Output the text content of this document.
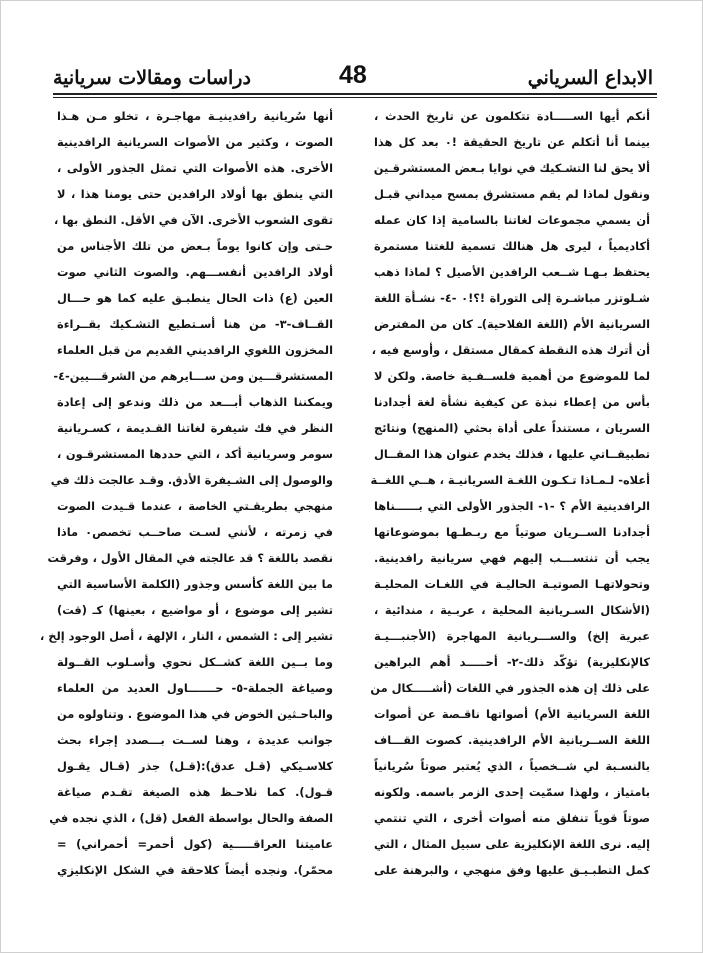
الابداع السرياني
48
دراسات ومقالات سريانية
أنكم أيها الســـــادة تتكلمون عن تاريخ الحدث ،
بينما أنا أتكلم عن تاريخ الحقيقة !٠ بعد كل هذا
ألا يحق لنا التشـكيك في نوايا بـعض المستشرقـين
ونقول لماذا لم يقم مستشرق بمسح ميداني قبـل
أن يسمي مجموعات لغاتنا بالسامية إذا كان عمله
أكاديمياً ، ليرى هل هنالك تسمية للغتنا مستمرة
يحتفظ بـهـا شــعب الرافدين الأصيل ؟ لماذا ذهب
شـلوتزر مباشـرة إلى التوراة !؟!٠ -٤- نشـأة اللغة
السريانية الأم (اللغة الفلاحية)ـ كان من المفترض
أن أترك هذه النقطة كمقال مستقل ، وأوسع فيه ،
لما للموضوع من أهمية فلســفـية خاصة. ولكن لا
بأس من إعطاء نبذة عن كيفية نشأة لغة أجدادنا
السريان ، مستنداً على أداة بحثي (المنهج) ونتائج
تطبيقــاتي عليها ، فذلك يخدم عنوان هذا المقــال
أعلاه- لـمـاذا تـكـون اللغـة السريانيـة ، هــي اللغــة
الرافدينية الأم ؟ -١- الجذور الأولى التي بــــــناها
أجدادنا الســريان صوتياً مع ربـطـها بموضوعاتها
يجب أن تنتســـب إليهم فهي سريانية رافدينية.
وتحولاتهـا الصوتيـة الحاليـة في اللغـات المحليـة
(الأشكال السـريانية المحلية ، عربـية ، مندائية ،
عبرية إلخ) والســـريانية المهاجرة (الأجنبـــيـة
كالإنكليزية) تؤكّد ذلك-٢- أحـــــد أهم البراهين
على ذلك إن هذه الجذور في اللغات (أشـــــكال من
اللغة السريانية الأم) أصواتها ناقـصة عن أصوات
اللغة الســريانية الأم الرافدينية. كصوت القـــاف
بالنسـبة لي شــخصياً ، الذي يُعتبر صوتاً سُريانياً
بامتياز ، ولهذا سمّيت إحدى الزمر باسمه. ولكونه
صوتاً قوياً تنفلق منه أصوات أخرى ، التي تنتمي
إليه. نرى اللغة الإنكليزية على سبيل المثال ، التي
كمل التطبـيـق عليها وفق منهجي ، والبرهنة على
أنها سُريانية رافدينيـة مهاجـرة ، تخلو مـن هـذا
الصوت ، وكثير من الأصوات السريانية الرافدينية
الأخرى. هذه الأصوات التي تمثل الجذور الأولى ،
التي ينطق بها أولاد الرافدين حتى يومنا هذا ، لا
تقوى الشعوب الأخرى. الآن في الأقل. النطق بها ،
حـتى وإن كانوا يوماً بـعض من تلك الأجناس من
أولاد الرافدين أنفســـهم. والصوت الثاني صوت
العين (ع) ذات الحال ينطبـق عليه كما هو حـــال
القــاف-٣- من هنا أسـتطيع التشـكيك بقــراءة
المخزون اللغوي الرافديني القديم من قبل العلماء
المستشرقـــين ومن ســـايرهم من الشرقـــيين-٤-
ويمكننا الذهاب أبـــعد من ذلك وندعو إلى إعادة
النظر في فك شيفرة لغاتنا القـديمة ، كسـريانية
سومر وسريانية أكد ، التي حددها المستشرقـون ،
والوصول إلى الشـيفرة الأدق. وقـد عالجت ذلك في
منهجي بطريقـتي الخاصة ، عندما قـيدت الصوت
في زمرته ، لأنني لسـت صاحــب تخصص٠ ماذا
نقصد باللغة ؟ قد عالجته في المقال الأول ، وفرقت
ما بين اللغة كأسس وجذور (الكلمة الأساسية التي
تشير إلى موضوع ، أو مواضيع ، بعينها) كـ (قت)
تشير إلى : الشمس ، النار ، الإلهة ، أصل الوجود إلخ ،
وما بــين اللغة كشــكل نحوي وأسـلوب القــولة
وصياغة الجملة-٥- حـــــــاول العديد من العلماء
والباحـثين الخوض في هذا الموضوع . وتناولوه من
جوانب عديدة ، وهنا لســت بـــصدد إجراء بحث
كلاسـيكي (قـل عدق):(قـل) جذر (قـال يقـول
قـول). كما نلاحـظ هذه الصيغة تقـدم صياغة
الصفة والحال بواسطة الفعل (قل) ، الذي نجده في
عاميتنا العراقـــــية (كول أحمر= أحمراني) =
محمّر). ونجده أيضاً كلاحقة في الشكل الإنكليزي
